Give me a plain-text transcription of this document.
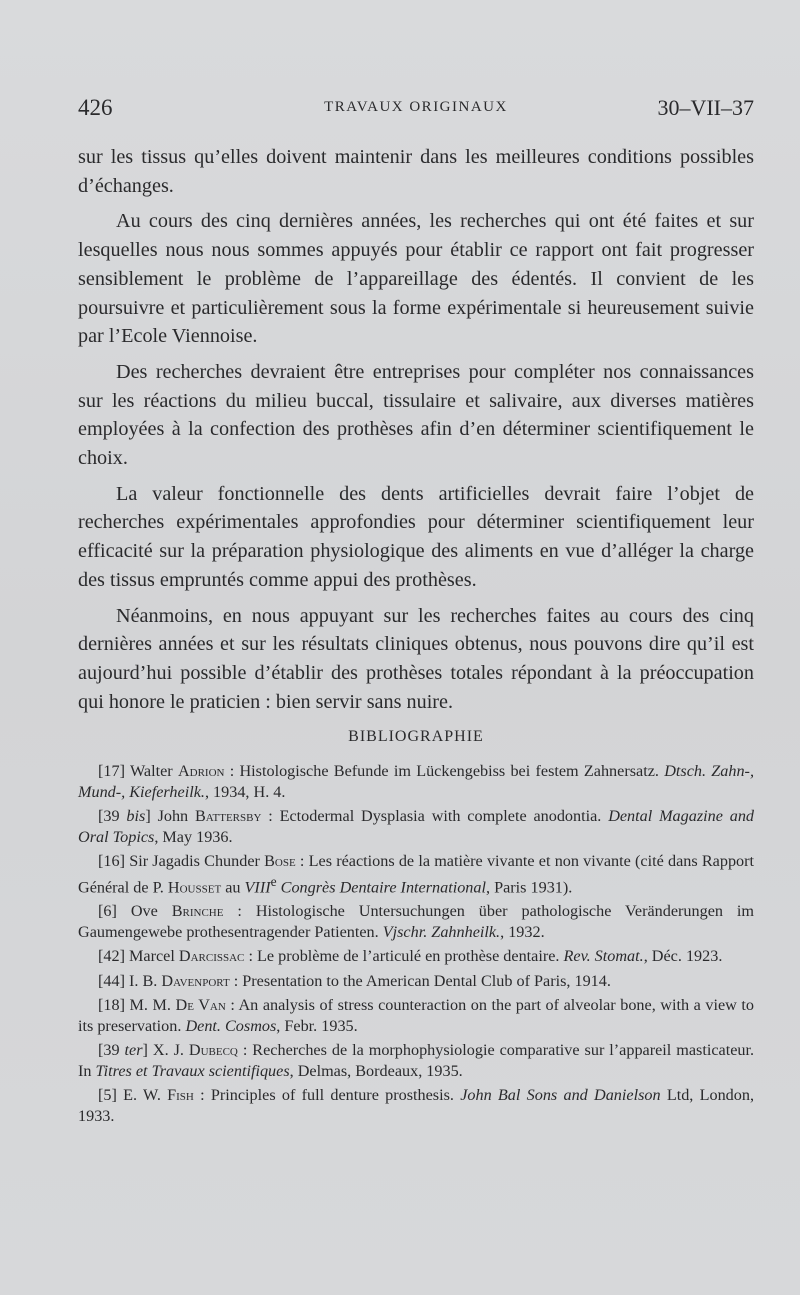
426	TRAVAUX ORIGINAUX	30–VII–37

sur les tissus qu’elles doivent maintenir dans les meilleures conditions possibles d’échanges.

Au cours des cinq dernières années, les recherches qui ont été faites et sur lesquelles nous nous sommes appuyés pour établir ce rapport ont fait progresser sensiblement le problème de l’appareillage des édentés. Il convient de les poursuivre et particulièrement sous la forme expérimentale si heureusement suivie par l’Ecole Viennoise.

Des recherches devraient être entreprises pour compléter nos connaissances sur les réactions du milieu buccal, tissulaire et salivaire, aux diverses matières employées à la confection des prothèses afin d’en déterminer scientifiquement le choix.

La valeur fonctionnelle des dents artificielles devrait faire l’objet de recherches expérimentales approfondies pour déterminer scientifiquement leur efficacité sur la préparation physiologique des aliments en vue d’alléger la charge des tissus empruntés comme appui des prothèses.

Néanmoins, en nous appuyant sur les recherches faites au cours des cinq dernières années et sur les résultats cliniques obtenus, nous pouvons dire qu’il est aujourd’hui possible d’établir des prothèses totales répondant à la préoccupation qui honore le praticien : bien servir sans nuire.

BIBLIOGRAPHIE

[17] Walter Adrion : Histologische Befunde im Lückengebiss bei festem Zahnersatz. Dtsch. Zahn-, Mund-, Kieferheilk., 1934, H. 4.

[39 bis] John Battersby : Ectodermal Dysplasia with complete anodontia. Dental Magazine and Oral Topics, May 1936.

[16] Sir Jagadis Chunder Bose : Les réactions de la matière vivante et non vivante (cité dans Rapport Général de P. Housset au VIIIe Congrès Dentaire International, Paris 1931).

[6] Ove Brinche : Histologische Untersuchungen über pathologische Veränderungen im Gaumengewebe prothesentragender Patienten. Vjschr. Zahnheilk., 1932.

[42] Marcel Darcissac : Le problème de l’articulé en prothèse dentaire. Rev. Stomat., Déc. 1923.

[44] I. B. Davenport : Presentation to the American Dental Club of Paris, 1914.

[18] M. M. De Van : An analysis of stress counteraction on the part of alveolar bone, with a view to its preservation. Dent. Cosmos, Febr. 1935.

[39 ter] X. J. Dubecq : Recherches de la morphophysiologie comparative sur l’appareil masticateur. In Titres et Travaux scientifiques, Delmas, Bordeaux, 1935.

[5] E. W. Fish : Principles of full denture prosthesis. John Bal Sons and Danielson Ltd, London, 1933.
